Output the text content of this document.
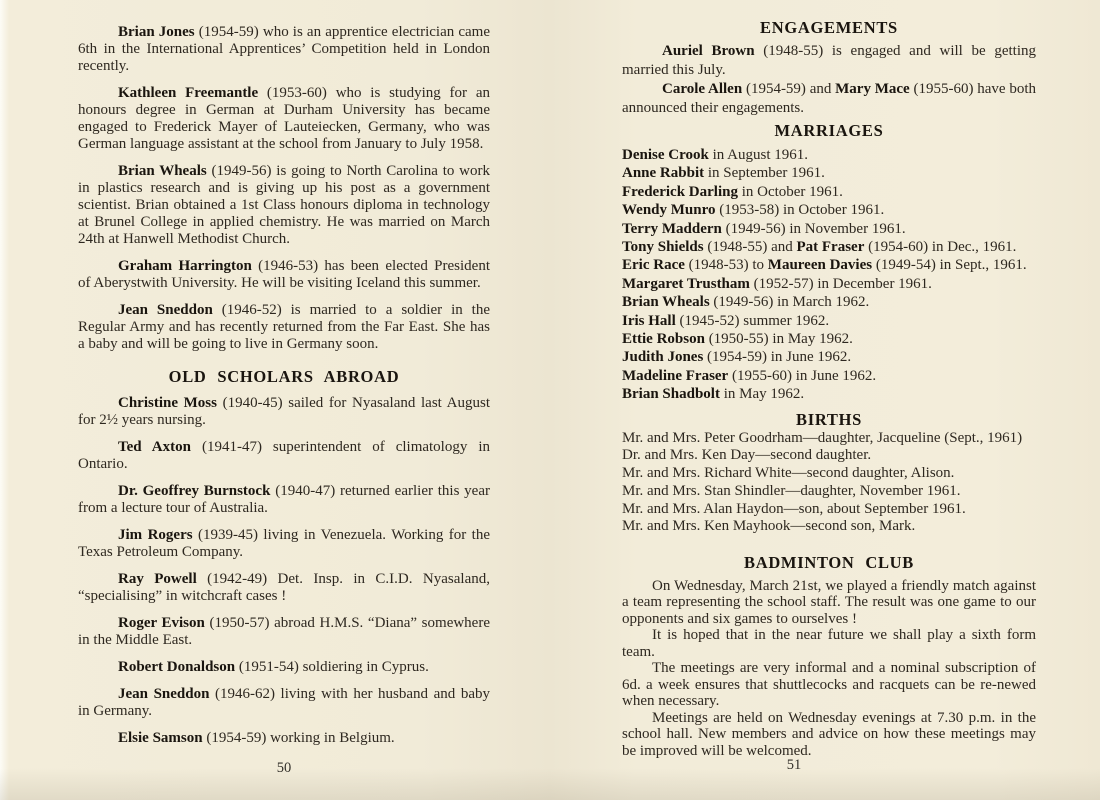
Brian Jones (1954-59) who is an apprentice electrician came 6th in the International Apprentices’ Competition held in London recently.

Kathleen Freemantle (1953-60) who is studying for an honours degree in German at Durham University has became engaged to Frederick Mayer of Lauteiecken, Germany, who was German language assistant at the school from January to July 1958.

Brian Wheals (1949-56) is going to North Carolina to work in plastics research and is giving up his post as a government scientist. Brian obtained a 1st Class honours diploma in technology at Brunel College in applied chemistry. He was married on March 24th at Hanwell Methodist Church.

Graham Harrington (1946-53) has been elected President of Aberystwith University. He will be visiting Iceland this summer.

Jean Sneddon (1946-52) is married to a soldier in the Regular Army and has recently returned from the Far East. She has a baby and will be going to live in Germany soon.

OLD SCHOLARS ABROAD

Christine Moss (1940-45) sailed for Nyasaland last August for 2½ years nursing.

Ted Axton (1941-47) superintendent of climatology in Ontario.

Dr. Geoffrey Burnstock (1940-47) returned earlier this year from a lecture tour of Australia.

Jim Rogers (1939-45) living in Venezuela. Working for the Texas Petroleum Company.

Ray Powell (1942-49) Det. Insp. in C.I.D. Nyasaland, “specialising” in witchcraft cases !

Roger Evison (1950-57) abroad H.M.S. “Diana” somewhere in the Middle East.

Robert Donaldson (1951-54) soldiering in Cyprus.

Jean Sneddon (1946-62) living with her husband and baby in Germany.

Elsie Samson (1954-59) working in Belgium.

ENGAGEMENTS

Auriel Brown (1948-55) is engaged and will be getting married this July.

Carole Allen (1954-59) and Mary Mace (1955-60) have both announced their engagements.

MARRIAGES

Denise Crook in August 1961.

Anne Rabbit in September 1961.

Frederick Darling in October 1961.

Wendy Munro (1953-58) in October 1961.

Terry Maddern (1949-56) in November 1961.

Tony Shields (1948-55) and Pat Fraser (1954-60) in Dec., 1961.

Eric Race (1948-53) to Maureen Davies (1949-54) in Sept., 1961.

Margaret Trustham (1952-57) in December 1961.

Brian Wheals (1949-56) in March 1962.

Iris Hall (1945-52) summer 1962.

Ettie Robson (1950-55) in May 1962.

Judith Jones (1954-59) in June 1962.

Madeline Fraser (1955-60) in June 1962.

Brian Shadbolt in May 1962.

BIRTHS

Mr. and Mrs. Peter Goodrham—daughter, Jacqueline (Sept., 1961)

Dr. and Mrs. Ken Day—second daughter.

Mr. and Mrs. Richard White—second daughter, Alison.

Mr. and Mrs. Stan Shindler—daughter, November 1961.

Mr. and Mrs. Alan Haydon—son, about September 1961.

Mr. and Mrs. Ken Mayhook—second son, Mark.

BADMINTON CLUB

On Wednesday, March 21st, we played a friendly match against a team representing the school staff. The result was one game to our opponents and six games to ourselves !

It is hoped that in the near future we shall play a sixth form team.

The meetings are very informal and a nominal subscription of 6d. a week ensures that shuttlecocks and racquets can be re-newed when necessary.

Meetings are held on Wednesday evenings at 7.30 p.m. in the school hall. New members and advice on how these meetings may be improved will be welcomed.

50	51
